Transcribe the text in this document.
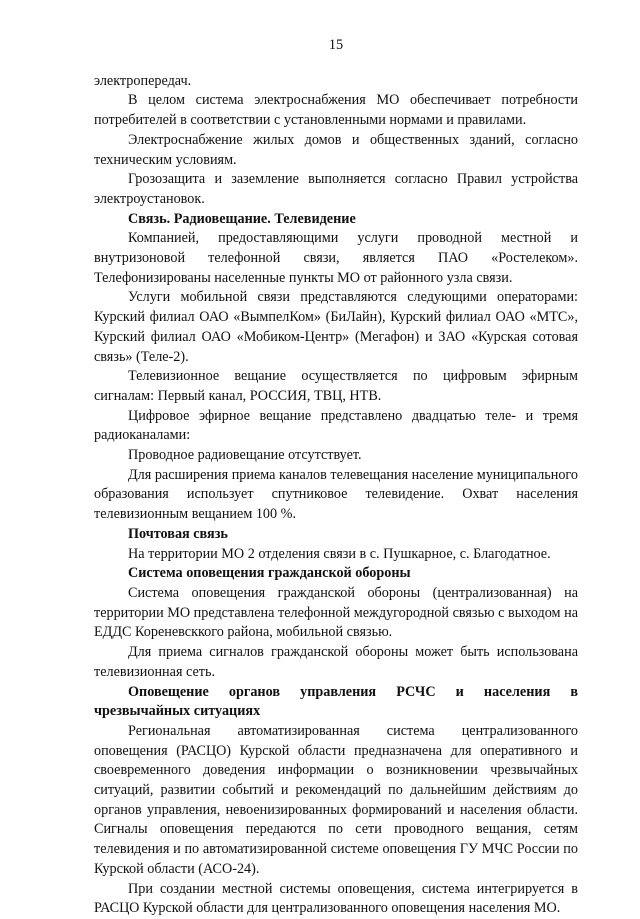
15

электропередач.

В целом система электроснабжения МО обеспечивает потребности потребителей в соответствии с установленными нормами и правилами.

Электроснабжение жилых домов и общественных зданий, согласно техническим условиям.

Грозозащита и заземление выполняется согласно Правил устройства электроустановок.

Связь. Радиовещание. Телевидение

Компанией, предоставляющими услуги проводной местной и внутризоновой телефонной связи, является ПАО «Ростелеком». Телефонизированы населенные пункты МО от районного узла связи.

Услуги мобильной связи представляются следующими операторами: Курский филиал ОАО «ВымпелКом» (БиЛайн), Курский филиал ОАО «МТС», Курский филиал ОАО «Мобиком-Центр» (Мегафон) и ЗАО «Курская сотовая связь» (Теле-2).

Телевизионное вещание осуществляется по цифровым эфирным сигналам: Первый канал, РОССИЯ, ТВЦ, НТВ.

Цифровое эфирное вещание представлено двадцатью теле- и тремя радиоканалами:

Проводное радиовещание отсутствует.

Для расширения приема каналов телевещания население муниципального образования использует спутниковое телевидение. Охват населения телевизионным вещанием 100 %.

Почтовая связь

На территории МО 2 отделения связи в с. Пушкарное, с. Благодатное.

Система оповещения гражданской обороны

Система оповещения гражданской обороны (централизованная) на территории МО представлена телефонной междугородной связью с выходом на ЕДДС Кореневсккого района, мобильной связью.

Для приема сигналов гражданской обороны может быть использована телевизионная сеть.

Оповещение органов управления РСЧС и населения в чрезвычайных ситуациях

Региональная автоматизированная система централизованного оповещения (РАСЦО) Курской области предназначена для оперативного и своевременного доведения информации о возникновении чрезвычайных ситуаций, развитии событий и рекомендаций по дальнейшим действиям до органов управления, невоенизированных формирований и населения области. Сигналы оповещения передаются по сети проводного вещания, сетям телевидения и по автоматизированной системе оповещения ГУ МЧС России по Курской области (АСО-24).

При создании местной системы оповещения, система интегрируется в РАСЦО Курской области для централизованного оповещения населения МО.
